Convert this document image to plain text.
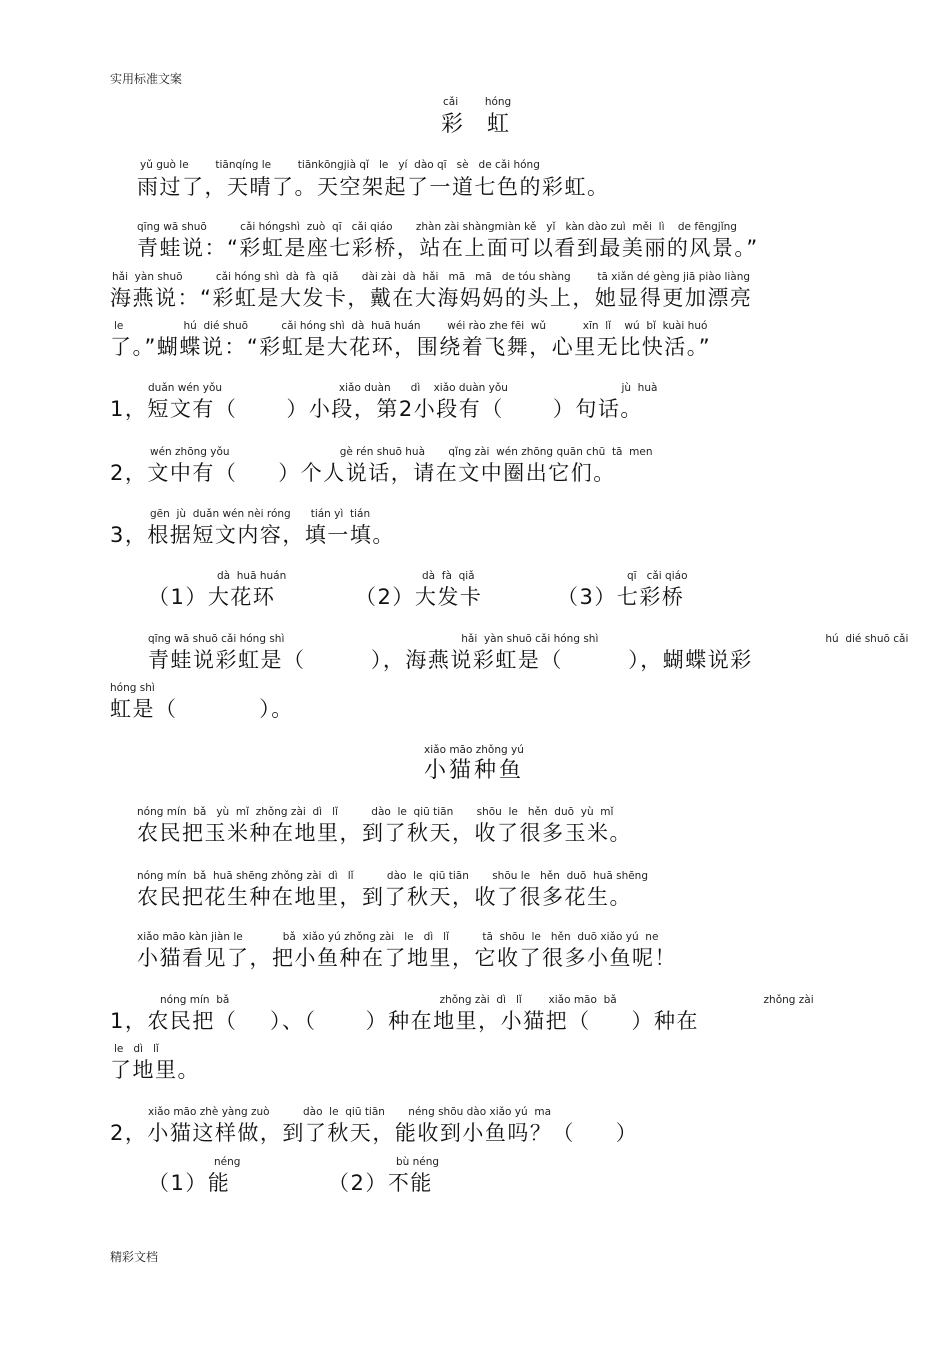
实用标准文案
cǎi        hóng
彩虹
yǔ guò le        tiānqíng le        tiānkōngjià qǐ   le   yí  dào qī   sè   de cǎi hóng
雨过了，天晴了。天空架起了一道七色的彩虹。
qīng wā shuō          cǎi hóngshì  zuò  qī   cǎi qiáo       zhàn zài shàngmiàn kě   yǐ   kàn dào zuì  měi  lì    de fēngjǐng
青蛙说：“彩虹是座七彩桥，站在上面可以看到最美丽的风景。”
hǎi  yàn shuō          cǎi hóng shì  dà  fà  qiǎ       dài zài  dà  hǎi   mā   mā   de tóu shàng        tā xiǎn dé gèng jiā piào liàng
海燕说：“彩虹是大发卡，戴在大海妈妈的头上，她显得更加漂亮
le                  hú  dié shuō          cǎi hóng shì  dà  huā huán        wéi rào zhe fēi  wǔ           xīn  lǐ    wú  bǐ  kuài huó
了。”蝴蝶说：“彩虹是大花环，围绕着飞舞，心里无比快活。”
duǎn wén yǒu                                   xiǎo duàn      dì    xiǎo duàn yǒu                                  jù  huà
1，短文有（      ）小段，第2小段有（      ）句话。
wén zhōng yǒu                                 gè rén shuō huà       qǐng zài  wén zhōng quān chū  tā  men
2，文中有（     ）个人说话，请在文中圈出它们。
gēn  jù  duǎn wén nèi róng      tián yì  tián
3，根据短文内容，填一填。
dà  huā huán
（1）大花环
dà  fà  qiǎ
（2）大发卡
qī   cǎi qiáo
（3）七彩桥
qīng wā shuō cǎi hóng shì                                                     hǎi  yàn shuō cǎi hóng shì                                                                    hú  dié shuō cǎi
青蛙说彩虹是（        ），海燕说彩虹是（        ），蝴蝶说彩
hóng shì
虹是（          ）。
xiǎo māo zhǒng yú
小猫种鱼
nóng mín  bǎ   yù  mǐ  zhǒng zài  dì   lǐ          dào  le  qiū tiān       shōu  le   hěn  duō  yù  mǐ
农民把玉米种在地里，到了秋天，收了很多玉米。
nóng mín  bǎ  huā shēng zhǒng zài  dì   lǐ          dào  le  qiū tiān       shōu le   hěn  duō  huā shēng
农民把花生种在地里，到了秋天，收了很多花生。
xiǎo māo kàn jiàn le            bǎ  xiǎo yú zhǒng zài   le   dì   lǐ          tā  shōu  le   hěn  duō xiǎo yú  ne
小猫看见了，把小鱼种在了地里，它收了很多小鱼呢！
nóng mín  bǎ                                                               zhǒng zài  dì   lǐ        xiǎo māo  bǎ                                            zhǒng zài
1，农民把（    ）、（      ）种在地里，小猫把（     ）种在
le   dì   lǐ
了地里。
xiǎo māo zhè yàng zuò          dào  le  qiū tiān       néng shōu dào xiǎo yú  ma
2，小猫这样做，到了秋天，能收到小鱼吗？（     ）
néng
（1）能
bù néng
（2）不能
精彩文档
